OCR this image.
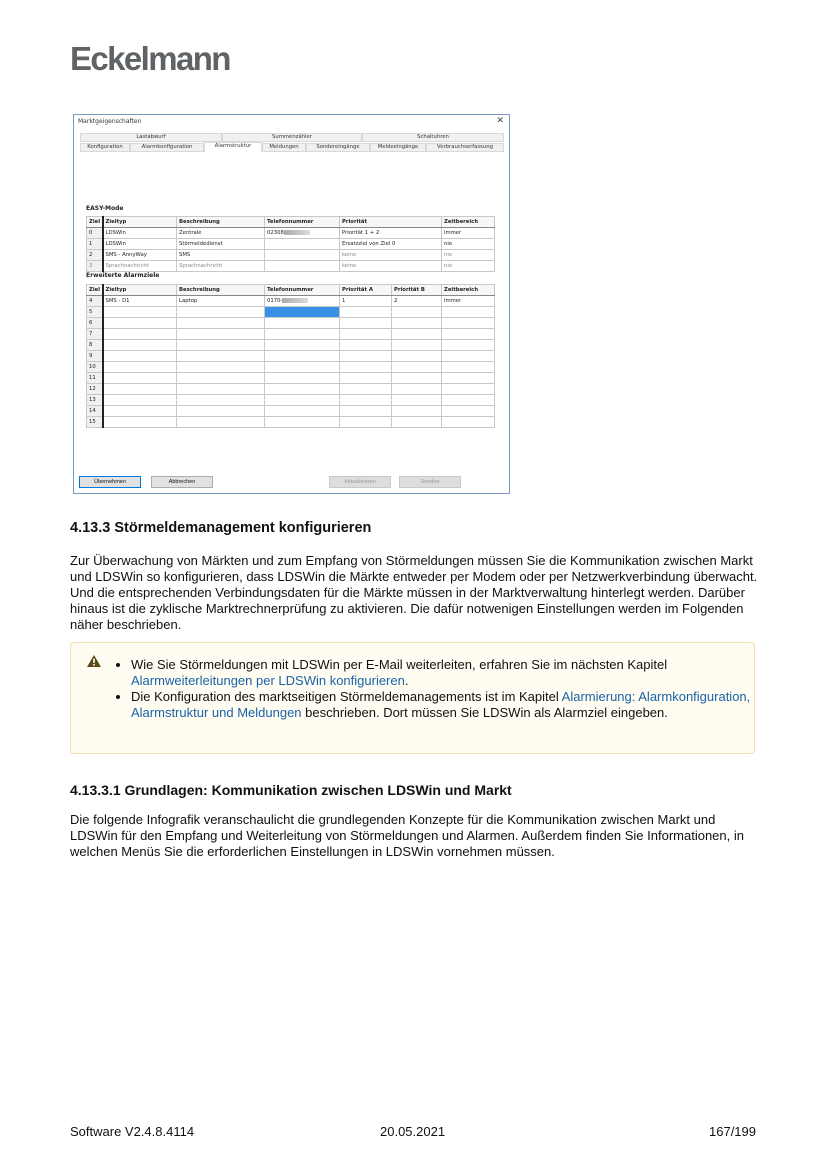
Eckelmann
Marktgeigenschaften	✕
Lastabwurf	Summenzähler	Schaltuhren
Konfiguration	Alarmkonfiguration	Alarmstruktur	Meldungen	Sondereingänge	Meldeeingänge	Verbrauchserfassung
EASY-Mode
Ziel	Zieltyp	Beschreibung	Telefonnummer	Priorität	Zeitbereich
0	LDSWin	Zentrale	02308	Priorität 1 + 2	immer
1	LDSWin	Störmeldedienst		Ersatzziel von Ziel 0	nie
2	SMS - AnnyWay	SMS		keine	nie
3	Sprachnachricht	Sprachnachricht		keine	nie
Erweiterte Alarmziele
Ziel	Zieltyp	Beschreibung	Telefonnummer	Priorität A	Priorität B	Zeitbereich
4	SMS - D1	Laptop	0170-	1	2	immer
5						
6						
7						
8						
9						
10						
11						
12						
13						
14						
15						
Übernehmen	Abbrechen	Aktualisieren	Senden
4.13.3 Störmeldemanagement konfigurieren

Zur Überwachung von Märkten und zum Empfang von Störmeldungen müssen Sie die Kommunikation zwischen Markt und LDSWin so konfigurieren, dass LDSWin die Märkte entweder per Modem oder per Netzwerkverbindung überwacht. Und die entsprechenden Verbindungsdaten für die Märkte müssen in der Marktverwaltung hinterlegt werden. Darüber hinaus ist die zyklische Marktrechnerprüfung zu aktivieren. Die dafür notwenigen Einstellungen werden im Folgenden näher beschrieben.

• Wie Sie Störmeldungen mit LDSWin per E-Mail weiterleiten, erfahren Sie im nächsten Kapitel Alarmweiterleitungen per LDSWin konfigurieren.
• Die Konfiguration des marktseitigen Störmeldemanagements ist im Kapitel Alarmierung: Alarmkonfiguration, Alarmstruktur und Meldungen beschrieben. Dort müssen Sie LDSWin als Alarmziel eingeben.
4.13.3.1 Grundlagen: Kommunikation zwischen LDSWin und Markt

Die folgende Infografik veranschaulicht die grundlegenden Konzepte für die Kommunikation zwischen Markt und LDSWin für den Empfang und Weiterleitung von Störmeldungen und Alarmen. Außerdem finden Sie Informationen, in welchen Menüs Sie die erforderlichen Einstellungen in LDSWin vornehmen müssen.

Software V2.4.8.4114	20.05.2021	167/199
